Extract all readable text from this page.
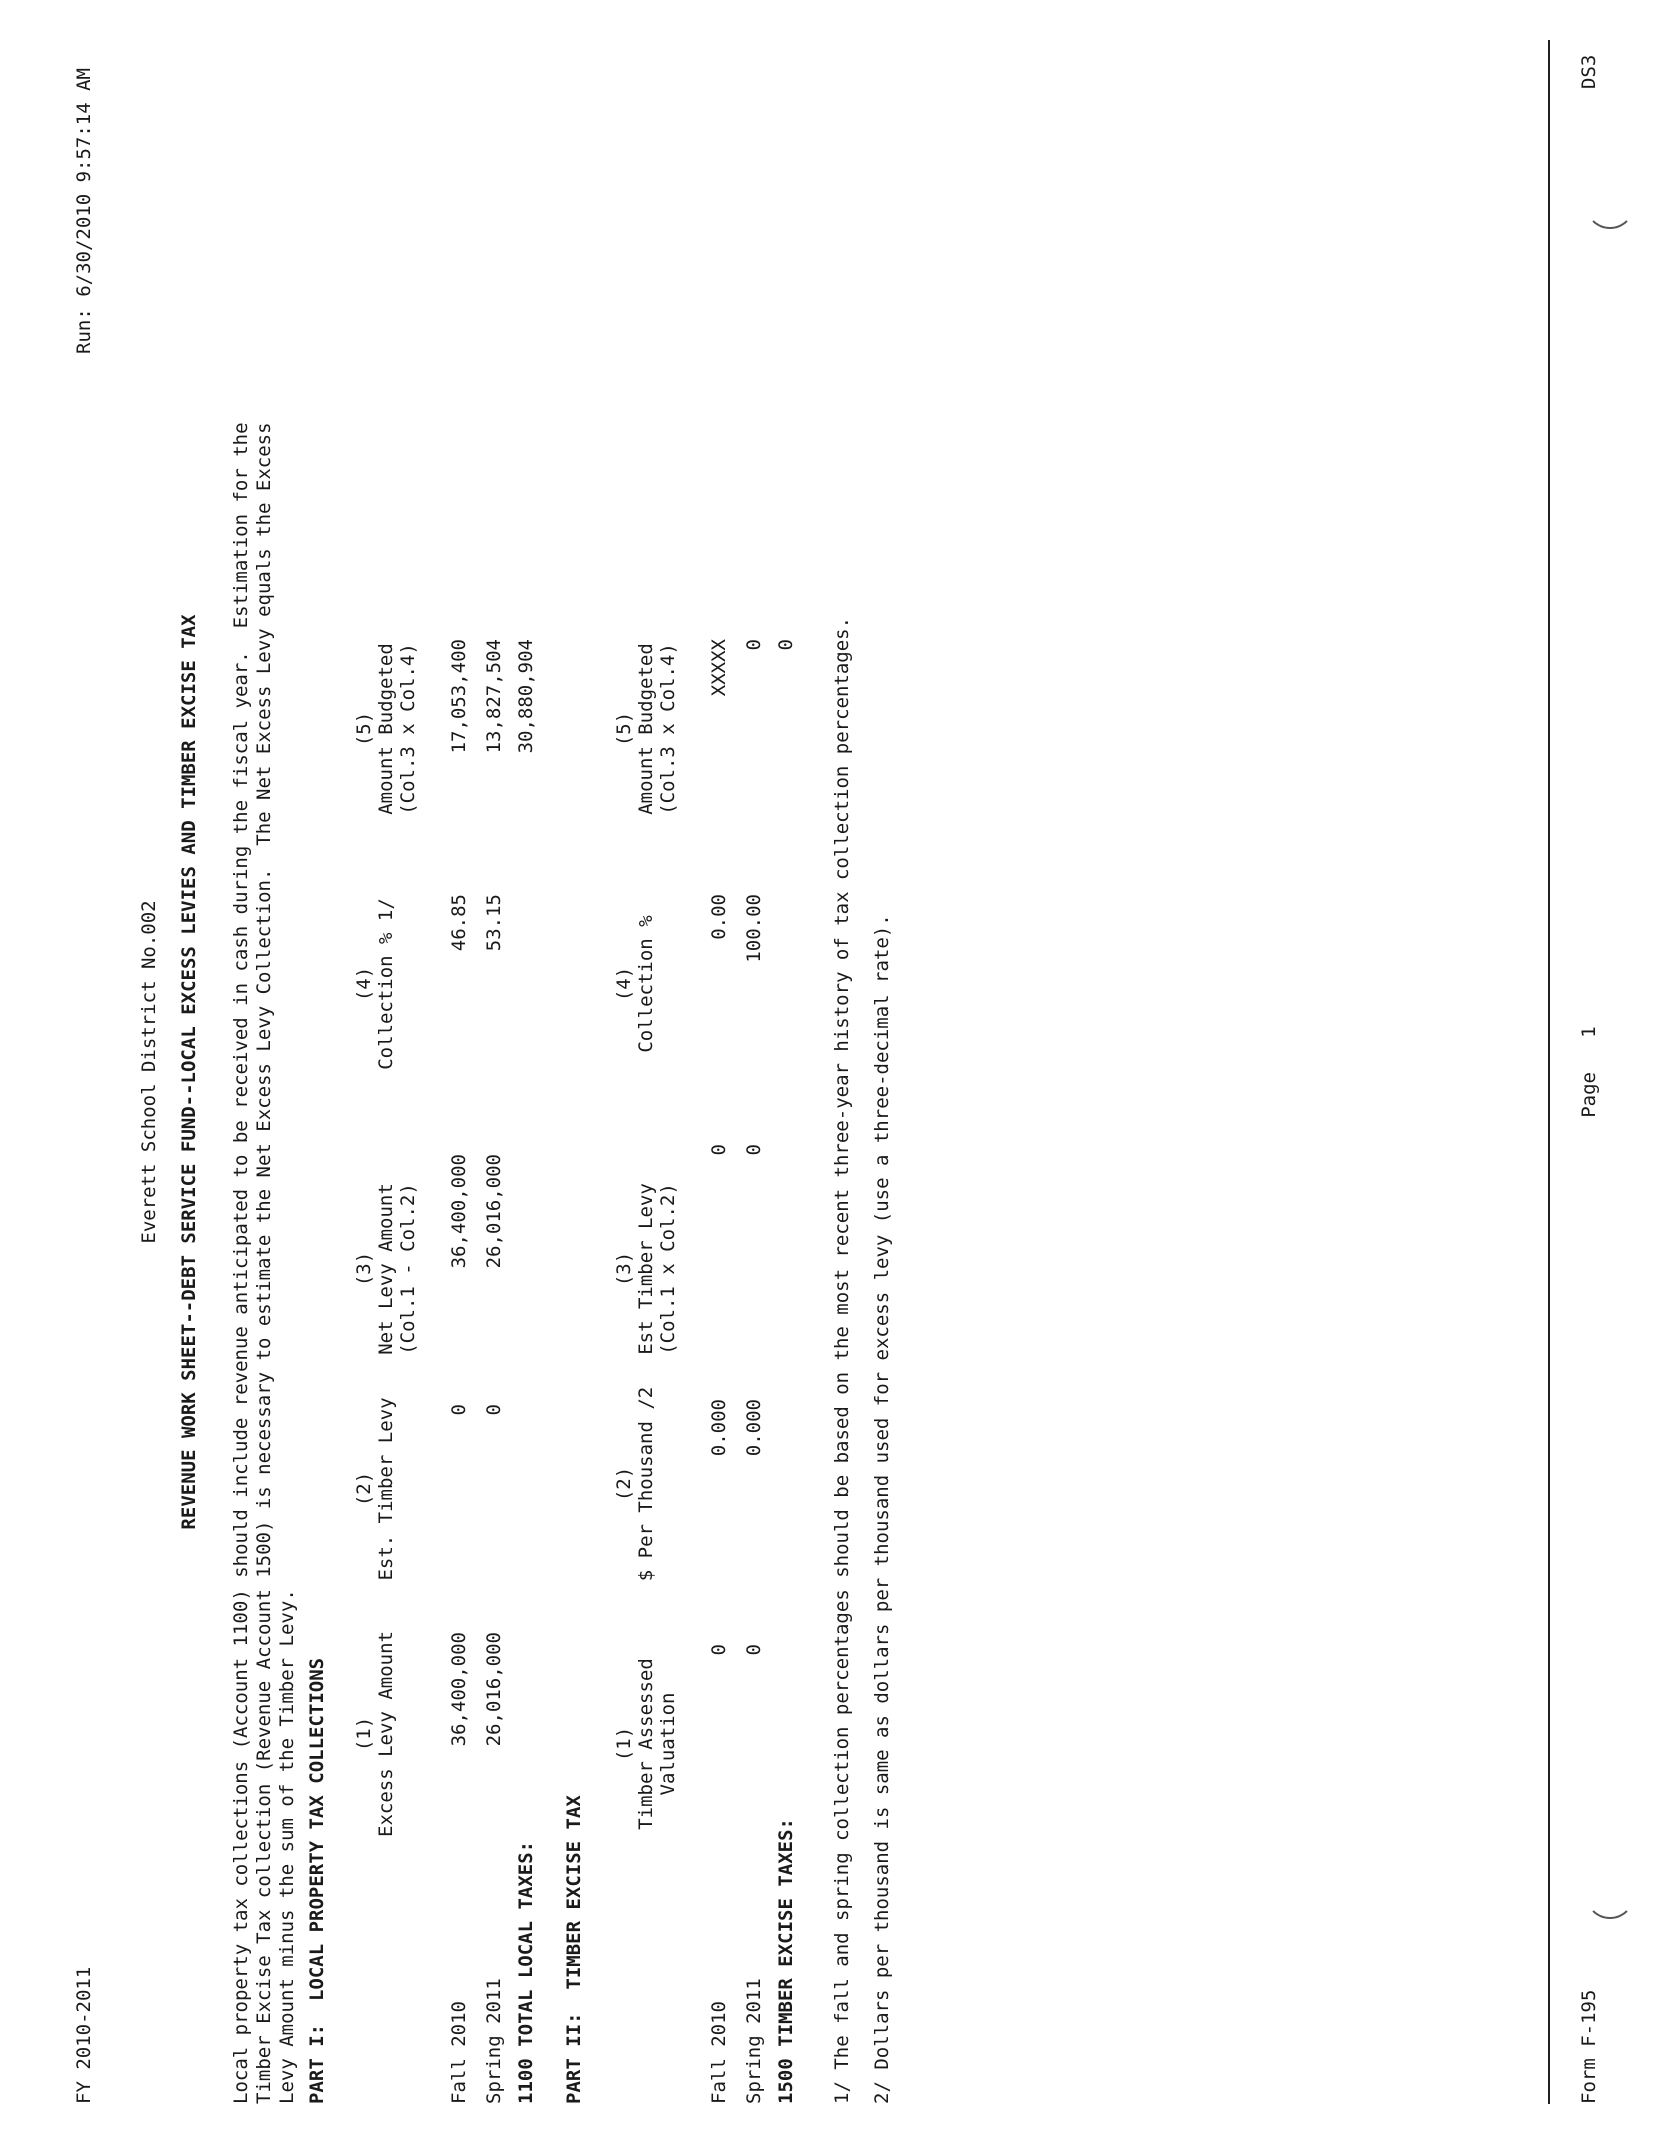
FY 2010-2011
Run: 6/30/2010 9:57:14 AM
Everett School District No.002 REVENUE WORK SHEET--DEBT SERVICE FUND--LOCAL EXCESS LEVIES AND TIMBER EXCISE TAX Local property tax collections (Account 1100) should include revenue anticipated to be received in cash during the fiscal year.  Estimation for the Timber Excise Tax collection (Revenue Account 1500) is necessary to estimate the Net Excess Levy Collection.  The Net Excess Levy equals the Excess Levy Amount minus the sum of the Timber Levy. PART I:  LOCAL PROPERTY TAX COLLECTIONS (1) Excess Levy Amount
(2) Est. Timber Levy
(3) Net Levy Amount (Col.1 - Col.2)
(4) Collection % 1/
(5) Amount Budgeted (Col.3 x Col.4)
Fall 2010
36,400,000
0
36,400,000
46.85
17,053,400
Spring 2011
26,016,000
0
26,016,000
53.15
13,827,504
1100 TOTAL LOCAL TAXES:
30,880,904
PART II:  TIMBER EXCISE TAX
(1) Timber Assessed Valuation
(2) $ Per Thousand /2
(3) Est Timber Levy (Col.1 x Col.2)
(4) Collection %
(5) Amount Budgeted (Col.3 x Col.4)
Fall 2010
0
0.000
0
0.00
XXXXX
Spring 2011
0
0.000
0
100.00
0
1500 TIMBER EXCISE TAXES:
0 1/ The fall and spring collection percentages should be based on the most recent three-year history of tax collection percentages. 2/ Dollars per thousand is same as dollars per thousand used for excess levy (use a three-decimal rate).	Form F-195
Page   1
DS3
